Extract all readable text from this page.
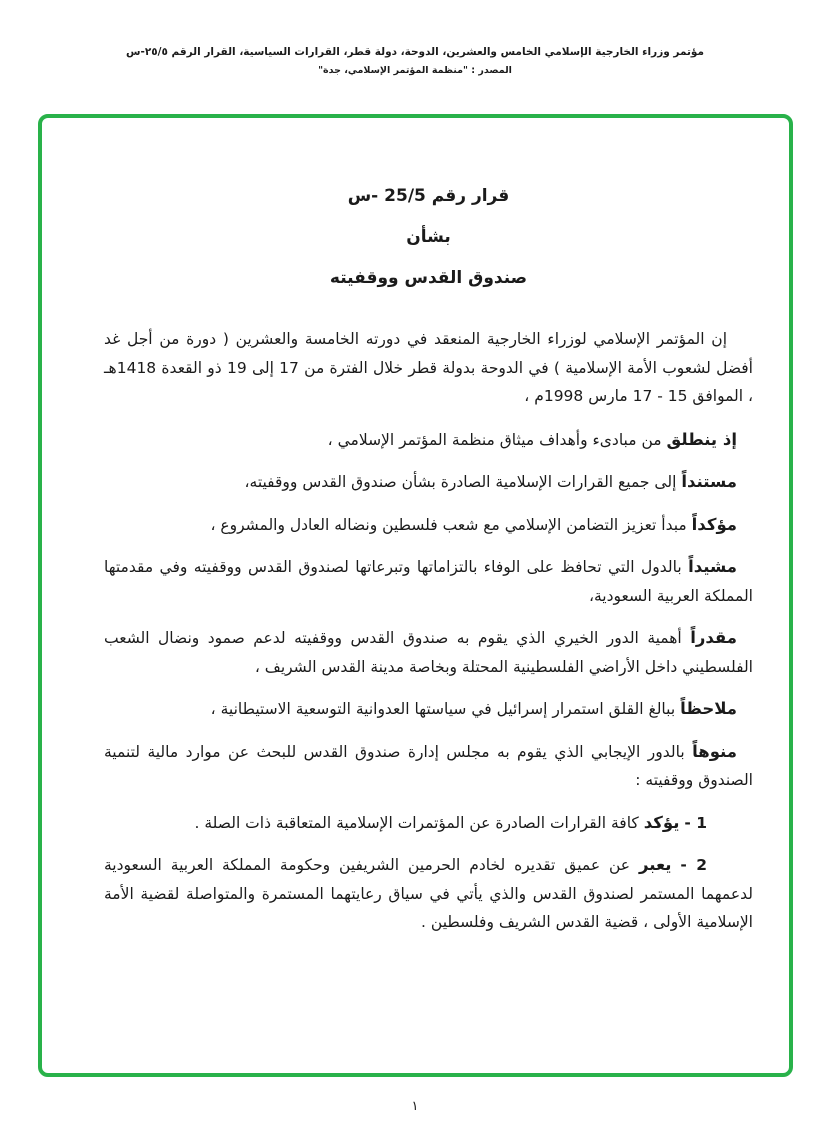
مؤتمر وزراء الخارجية الإسلامي الخامس والعشرين، الدوحة، دولة قطر، القرارات السياسية، القرار الرقم ٢٥/٥-س
المصدر : "منظمة المؤتمر الإسلامي، جدة"
قرار رقم 25/5 -س
بشأن
صندوق القدس ووقفيته

إن المؤتمر الإسلامي لوزراء الخارجية المنعقد في دورته الخامسة والعشرين ( دورة من أجل غد أفضل لشعوب الأمة الإسلامية ) في الدوحة بدولة قطر خلال الفترة من 17 إلى 19 ذو القعدة 1418هـ ، الموافق 15 - 17 مارس 1998م ،

إذ ينطلق من مبادىء وأهداف ميثاق منظمة المؤتمر الإسلامي ،

مستنداً إلى جميع القرارات الإسلامية الصادرة بشأن صندوق القدس ووقفيته،

مؤكداً مبدأ تعزيز التضامن الإسلامي مع شعب فلسطين ونضاله العادل والمشروع ،

مشيداً بالدول التي تحافظ على الوفاء بالتزاماتها وتبرعاتها لصندوق القدس ووقفيته وفي مقدمتها المملكة العربية السعودية،

مقدراً أهمية الدور الخيري الذي يقوم به صندوق القدس ووقفيته لدعم صمود ونضال الشعب الفلسطيني داخل الأراضي الفلسطينية المحتلة وبخاصة مدينة القدس الشريف ،

ملاحظاً ببالغ القلق استمرار إسرائيل في سياستها العدوانية التوسعية الاستيطانية ،

منوهاً بالدور الإيجابي الذي يقوم به مجلس إدارة صندوق القدس للبحث عن موارد مالية لتنمية الصندوق ووقفيته :

1 - يؤكد كافة القرارات الصادرة عن المؤتمرات الإسلامية المتعاقبة ذات الصلة .

2 - يعبر عن عميق تقديره لخادم الحرمين الشريفين وحكومة المملكة العربية السعودية لدعمهما المستمر لصندوق القدس والذي يأتي في سياق رعايتهما المستمرة والمتواصلة لقضية الأمة الإسلامية الأولى ، قضية القدس الشريف وفلسطين .

١
